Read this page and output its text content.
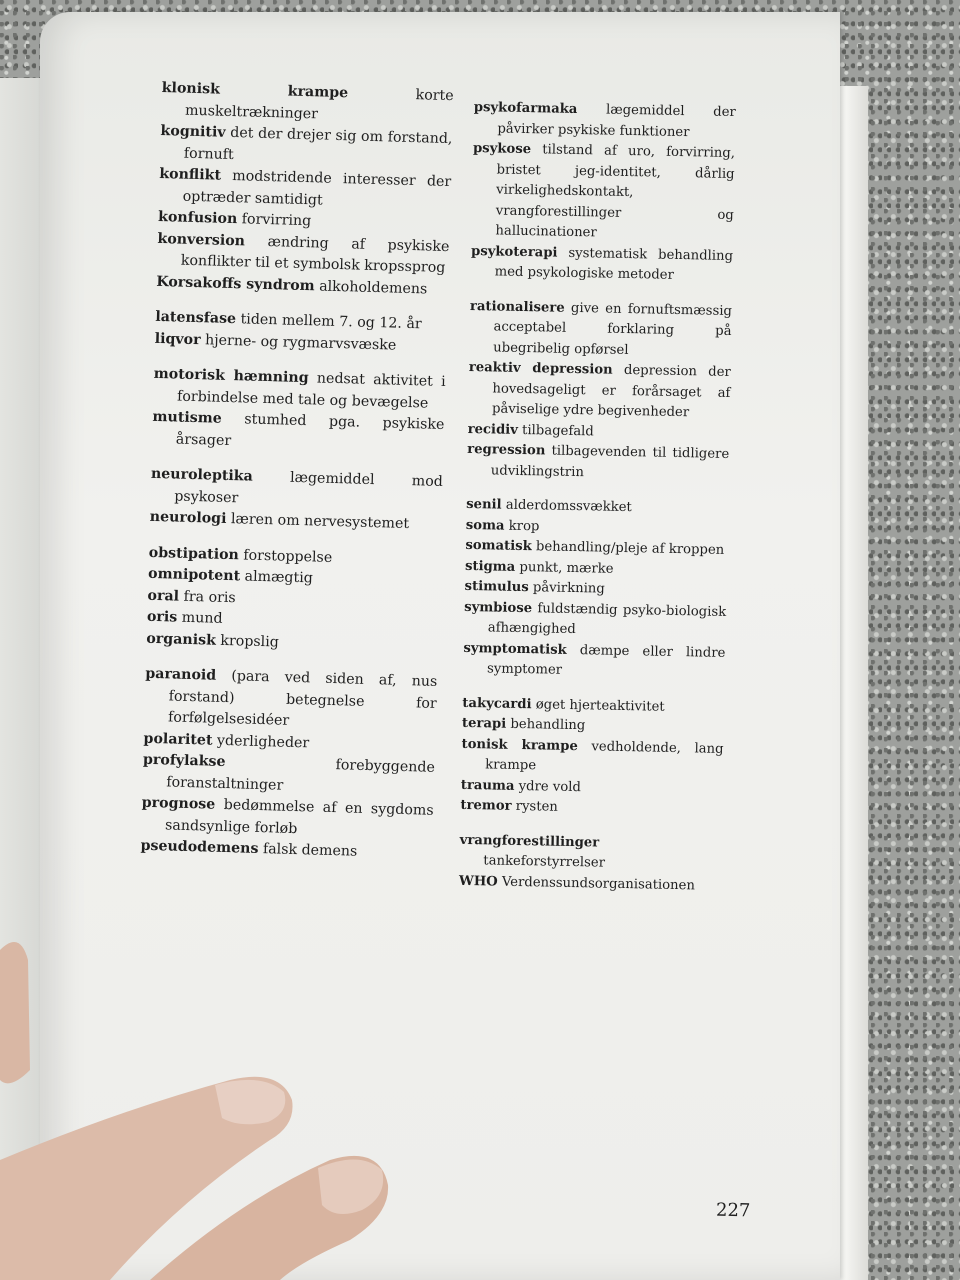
klonisk krampe	korte muskeltrækninger
kognitiv det der drejer sig om forstand, fornuft
konflikt modstridende interesser der optræder samtidigt
konfusion forvirring
konversion ændring af psykiske konflikter til et symbolsk kropssprog
Korsakoffs syndrom alkoholdemens
latensfase tiden mellem 7. og 12. år
liqvor hjerne- og rygmarvsvæske
motorisk hæmning nedsat aktivitet i forbindelse med tale og bevægelse
mutisme stumhed pga. psykiske årsager
neuroleptika	lægemiddel mod psykoser
neurologi læren om nervesystemet
obstipation forstoppelse
omnipotent almægtig
oral fra oris
oris mund
organisk kropslig
paranoid (para ved siden af, nus forstand) betegnelse for forfølgelsesidéer
polaritet yderligheder
profylakse	forebyggende foranstaltninger
prognose bedømmelse af en sygdoms sandsynlige forløb
pseudodemens falsk demens
psykofarmaka lægemiddel der påvirker psykiske funktioner
psykose tilstand af uro, forvirring, bristet jeg-identitet, dårlig virkelighedskontakt, vrangforestillinger og hallucinationer
psykoterapi systematisk behandling med psykologiske metoder
rationalisere give en fornuftsmæssig acceptabel forklaring på ubegribelig opførsel
reaktiv depression depression der hovedsageligt er forårsaget af påviselige ydre begivenheder
recidiv tilbagefald
regression tilbagevenden til tidligere udviklingstrin
senil alderdomssvækket
soma krop
somatisk behandling/pleje af kroppen
stigma punkt, mærke
stimulus påvirkning
symbiose fuldstændig psyko-biologisk afhængighed
symptomatisk dæmpe eller lindre symptomer
takycardi øget hjerteaktivitet
terapi behandling
tonisk krampe vedholdende, lang krampe
trauma ydre vold
tremor rysten
vrangforestillinger tankeforstyrrelser
WHO Verdenssundsorganisationen
227
